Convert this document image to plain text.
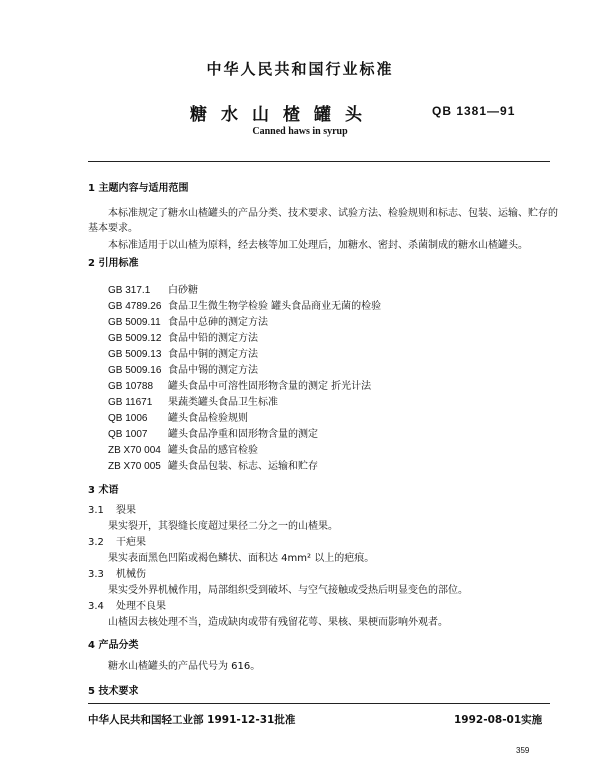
中华人民共和国行业标准
糖水山楂罐头	QB 1381—91
Canned haws in syrup
1 主题内容与适用范围
本标准规定了糖水山楂罐头的产品分类、技术要求、试验方法、检验规则和标志、包装、运输、贮存的
基本要求。
本标准适用于以山楂为原料，经去核等加工处理后，加糖水、密封、杀菌制成的糖水山楂罐头。
2 引用标准
GB 317.1 白砂糖
GB 4789.26 食品卫生微生物学检验 罐头食品商业无菌的检验
GB 5009.11 食品中总砷的测定方法
GB 5009.12 食品中铅的测定方法
GB 5009.13 食品中铜的测定方法
GB 5009.16 食品中锡的测定方法
GB 10788 罐头食品中可溶性固形物含量的测定 折光计法
GB 11671 果蔬类罐头食品卫生标准
QB 1006 罐头食品检验规则
QB 1007 罐头食品净重和固形物含量的测定
ZB X70 004 罐头食品的感官检验
ZB X70 005 罐头食品包装、标志、运输和贮存
3 术语
3.1 裂果
果实裂开，其裂缝长度超过果径二分之一的山楂果。
3.2 干疤果
果实表面黑色凹陷或褐色鳞状、面积达 4mm² 以上的疤痕。
3.3 机械伤
果实受外界机械作用，局部组织受到破坏、与空气接触或受热后明显变色的部位。
3.4 处理不良果
山楂因去核处理不当，造成缺肉或带有残留花萼、果核、果梗而影响外观者。
4 产品分类
糖水山楂罐头的产品代号为 616。
5 技术要求
中华人民共和国轻工业部 1991-12-31批准	1992-08-01实施
359
